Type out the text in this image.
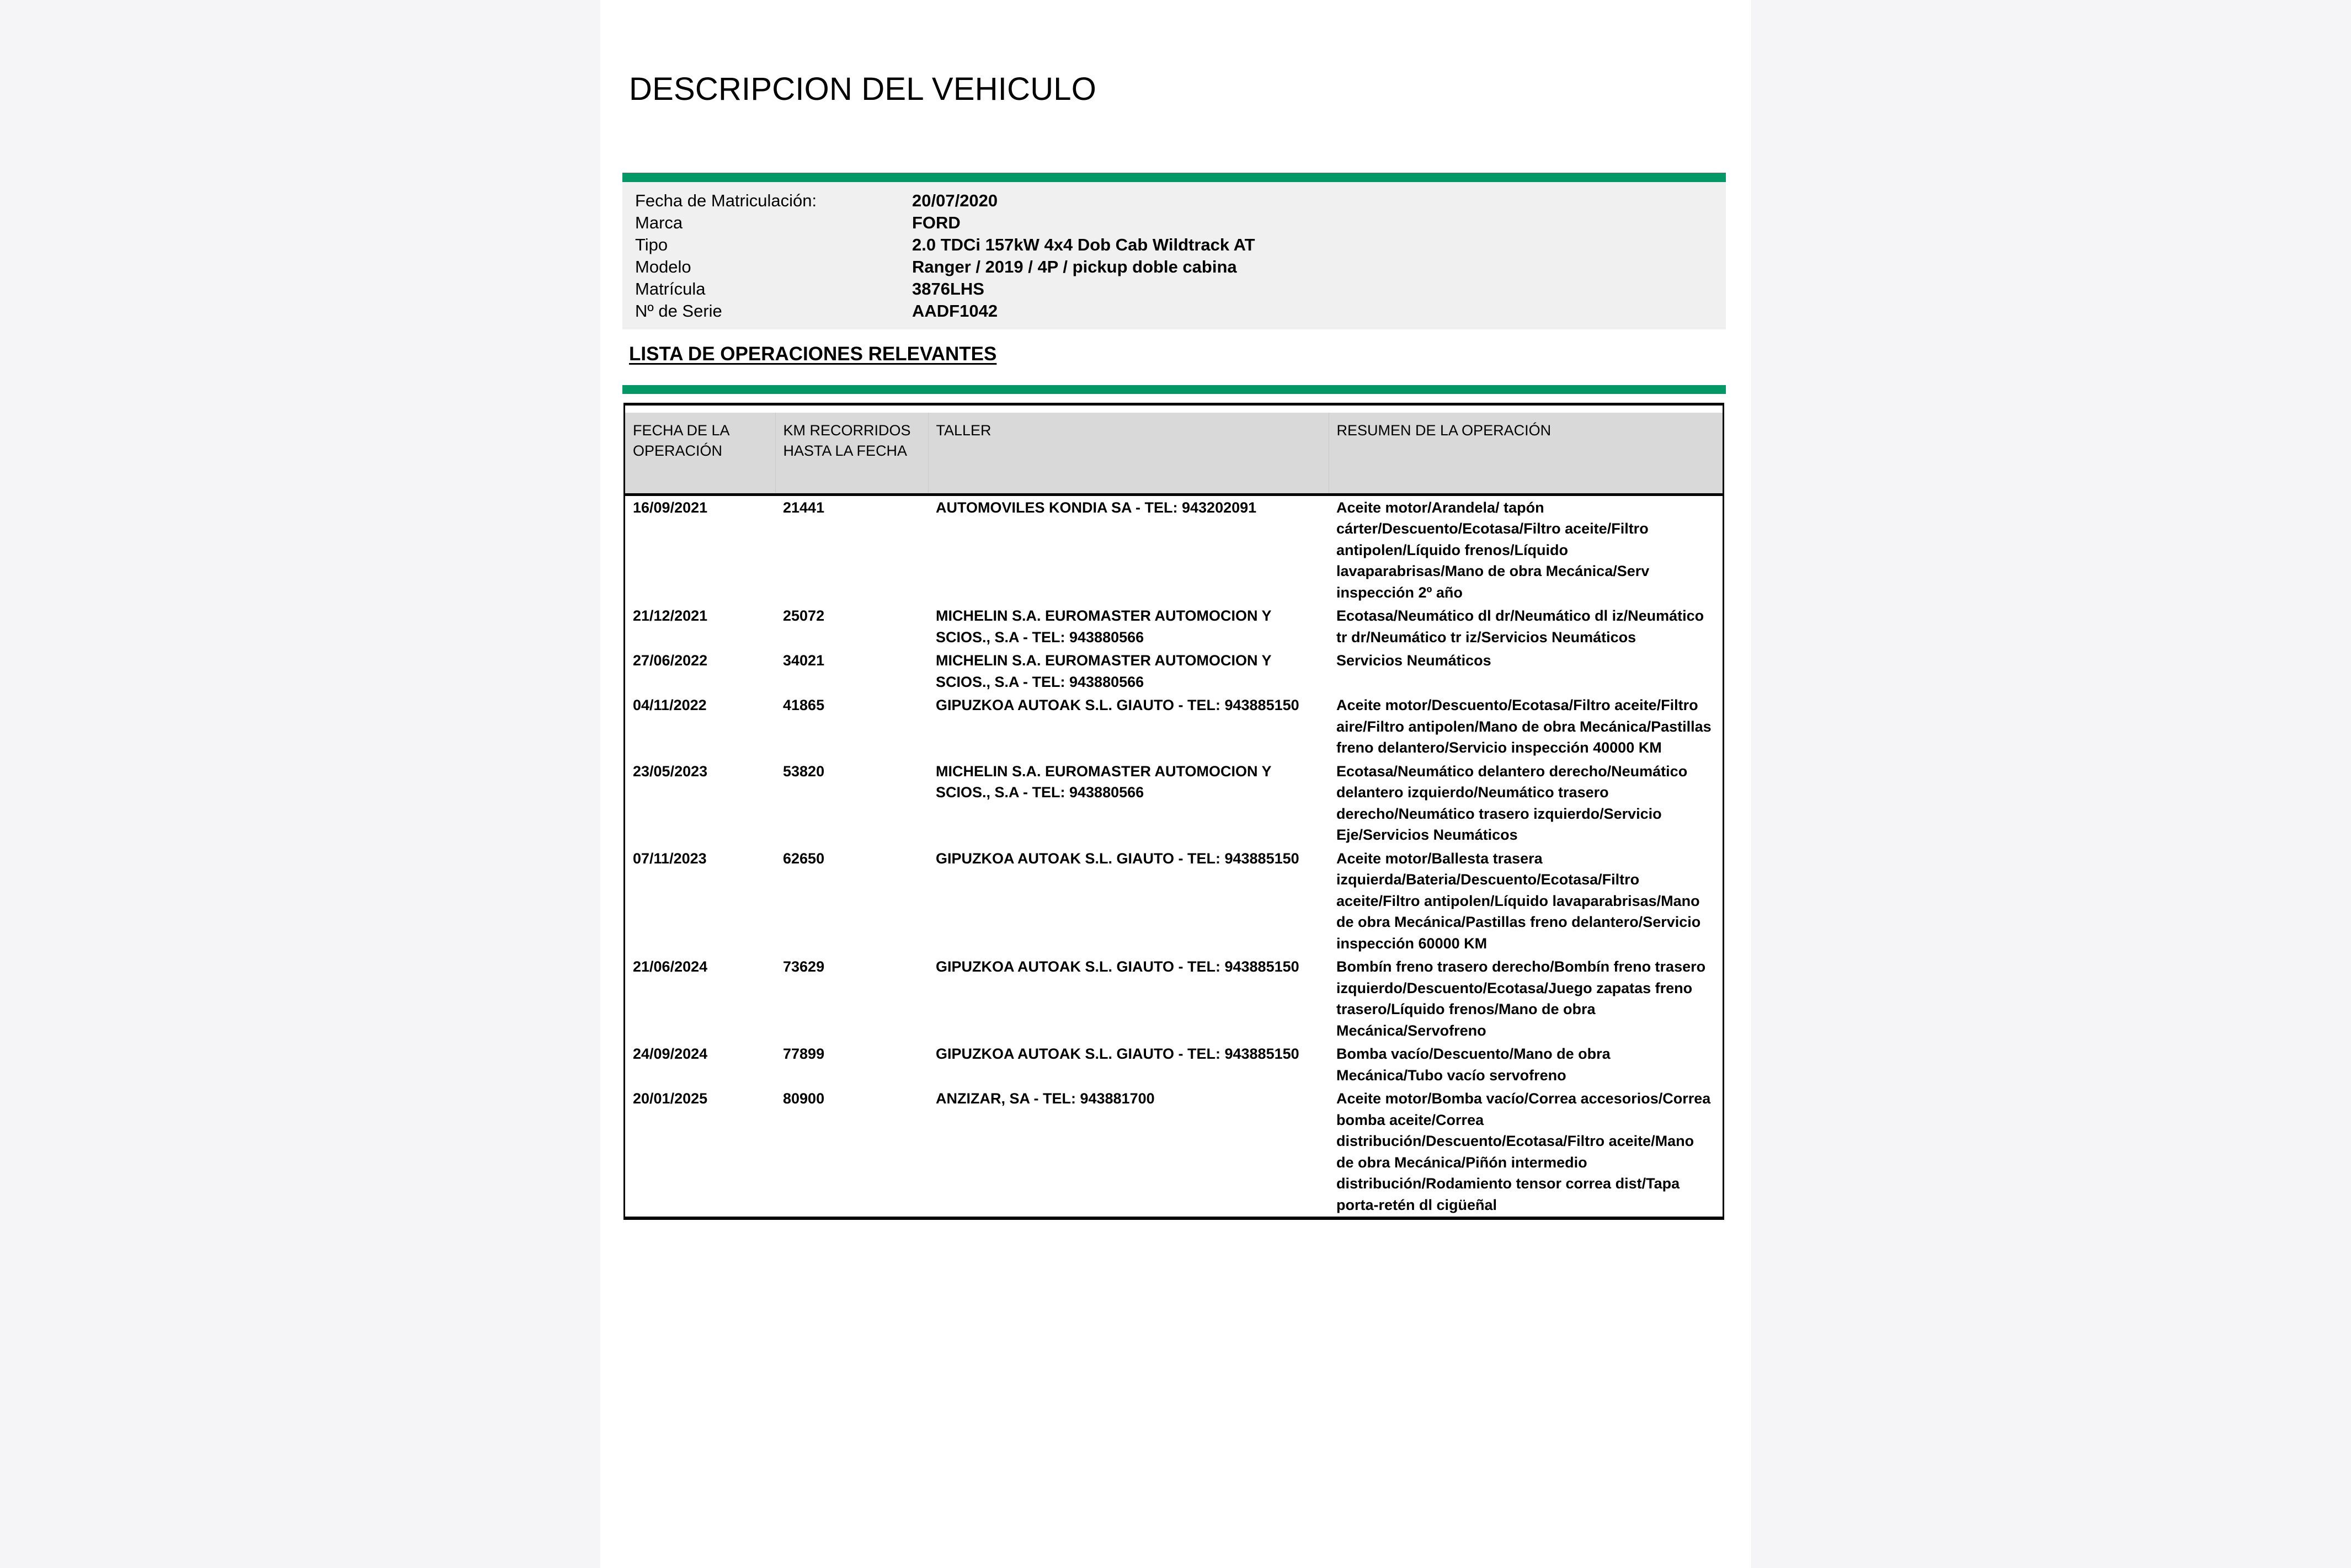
DESCRIPCION DEL VEHICULO
Fecha de Matriculación:	20/07/2020
Marca	FORD
Tipo	2.0 TDCi 157kW 4x4 Dob Cab Wildtrack AT
Modelo	Ranger / 2019 / 4P / pickup doble cabina
Matrícula	3876LHS
Nº de Serie	AADF1042
LISTA DE OPERACIONES RELEVANTES

FECHA DE LA OPERACIÓN	KM RECORRIDOS HASTA LA FECHA	TALLER	RESUMEN DE LA OPERACIÓN
16/09/2021	21441	AUTOMOVILES KONDIA SA - TEL: 943202091	Aceite motor/Arandela/ tapón cárter/Descuento/Ecotasa/Filtro aceite/Filtro antipolen/Líquido frenos/Líquido lavaparabrisas/Mano de obra Mecánica/Serv inspección 2º año
21/12/2021	25072	MICHELIN S.A. EUROMASTER AUTOMOCION Y SCIOS., S.A - TEL: 943880566	Ecotasa/Neumático dl dr/Neumático dl iz/Neumático tr dr/Neumático tr iz/Servicios Neumáticos
27/06/2022	34021	MICHELIN S.A. EUROMASTER AUTOMOCION Y SCIOS., S.A - TEL: 943880566	Servicios Neumáticos
04/11/2022	41865	GIPUZKOA AUTOAK S.L. GIAUTO - TEL: 943885150	Aceite motor/Descuento/Ecotasa/Filtro aceite/Filtro aire/Filtro antipolen/Mano de obra Mecánica/Pastillas freno delantero/Servicio inspección 40000 KM
23/05/2023	53820	MICHELIN S.A. EUROMASTER AUTOMOCION Y SCIOS., S.A - TEL: 943880566	Ecotasa/Neumático delantero derecho/Neumático delantero izquierdo/Neumático trasero derecho/Neumático trasero izquierdo/Servicio Eje/Servicios Neumáticos
07/11/2023	62650	GIPUZKOA AUTOAK S.L. GIAUTO - TEL: 943885150	Aceite motor/Ballesta trasera izquierda/Bateria/Descuento/Ecotasa/Filtro aceite/Filtro antipolen/Líquido lavaparabrisas/Mano de obra Mecánica/Pastillas freno delantero/Servicio inspección 60000 KM
21/06/2024	73629	GIPUZKOA AUTOAK S.L. GIAUTO - TEL: 943885150	Bombín freno trasero derecho/Bombín freno trasero izquierdo/Descuento/Ecotasa/Juego zapatas freno trasero/Líquido frenos/Mano de obra Mecánica/Servofreno
24/09/2024	77899	GIPUZKOA AUTOAK S.L. GIAUTO - TEL: 943885150	Bomba vacío/Descuento/Mano de obra Mecánica/Tubo vacío servofreno
20/01/2025	80900	ANZIZAR, SA - TEL: 943881700	Aceite motor/Bomba vacío/Correa accesorios/Correa bomba aceite/Correa distribución/Descuento/Ecotasa/Filtro aceite/Mano de obra Mecánica/Piñón intermedio distribución/Rodamiento tensor correa dist/Tapa porta-retén dl cigüeñal
